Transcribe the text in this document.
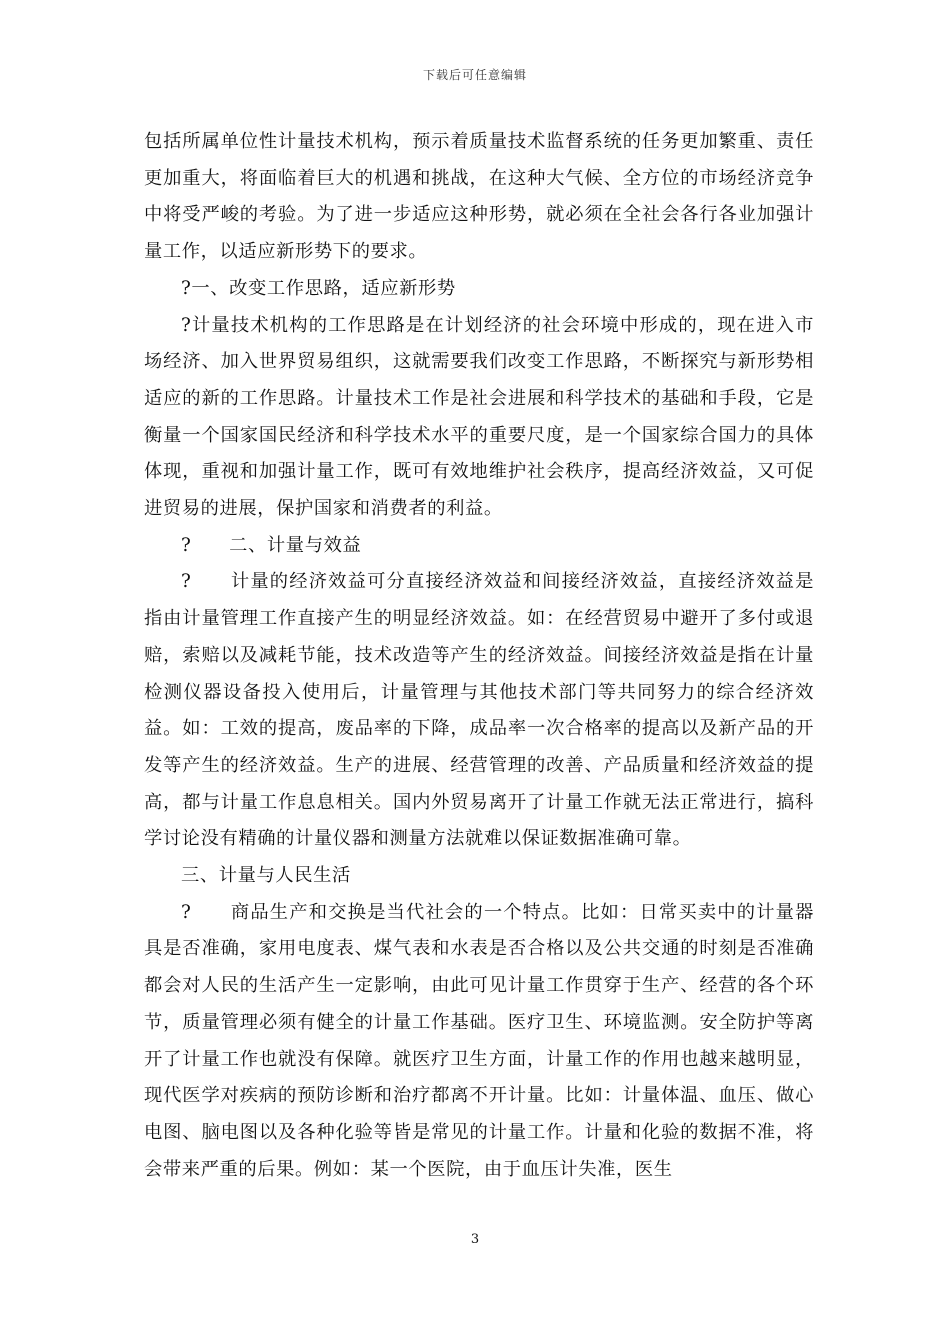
下载后可任意编辑

包括所属单位性计量技术机构，预示着质量技术监督系统的任务更加繁重、责任更加重大，将面临着巨大的机遇和挑战，在这种大气候、全方位的市场经济竞争中将受严峻的考验。为了进一步适应这种形势，就必须在全社会各行各业加强计量工作，以适应新形势下的要求。

?一、改变工作思路，适应新形势

?计量技术机构的工作思路是在计划经济的社会环境中形成的，现在进入市场经济、加入世界贸易组织，这就需要我们改变工作思路，不断探究与新形势相适应的新的工作思路。计量技术工作是社会进展和科学技术的基础和手段，它是衡量一个国家国民经济和科学技术水平的重要尺度，是一个国家综合国力的具体体现，重视和加强计量工作，既可有效地维护社会秩序，提高经济效益，又可促进贸易的进展，保护国家和消费者的利益。

?　　二、计量与效益

?　　计量的经济效益可分直接经济效益和间接经济效益，直接经济效益是指由计量管理工作直接产生的明显经济效益。如：在经营贸易中避开了多付或退赔，索赔以及减耗节能，技术改造等产生的经济效益。间接经济效益是指在计量检测仪器设备投入使用后，计量管理与其他技术部门等共同努力的综合经济效益。如：工效的提高，废品率的下降，成品率一次合格率的提高以及新产品的开发等产生的经济效益。生产的进展、经营管理的改善、产品质量和经济效益的提高，都与计量工作息息相关。国内外贸易离开了计量工作就无法正常进行，搞科学讨论没有精确的计量仪器和测量方法就难以保证数据准确可靠。

三、计量与人民生活

?　　商品生产和交换是当代社会的一个特点。比如：日常买卖中的计量器具是否准确，家用电度表、煤气表和水表是否合格以及公共交通的时刻是否准确都会对人民的生活产生一定影响，由此可见计量工作贯穿于生产、经营的各个环节，质量管理必须有健全的计量工作基础。医疗卫生、环境监测。安全防护等离开了计量工作也就没有保障。就医疗卫生方面，计量工作的作用也越来越明显，现代医学对疾病的预防诊断和治疗都离不开计量。比如：计量体温、血压、做心电图、脑电图以及各种化验等皆是常见的计量工作。计量和化验的数据不准，将会带来严重的后果。例如：某一个医院，由于血压计失准，医生

3
